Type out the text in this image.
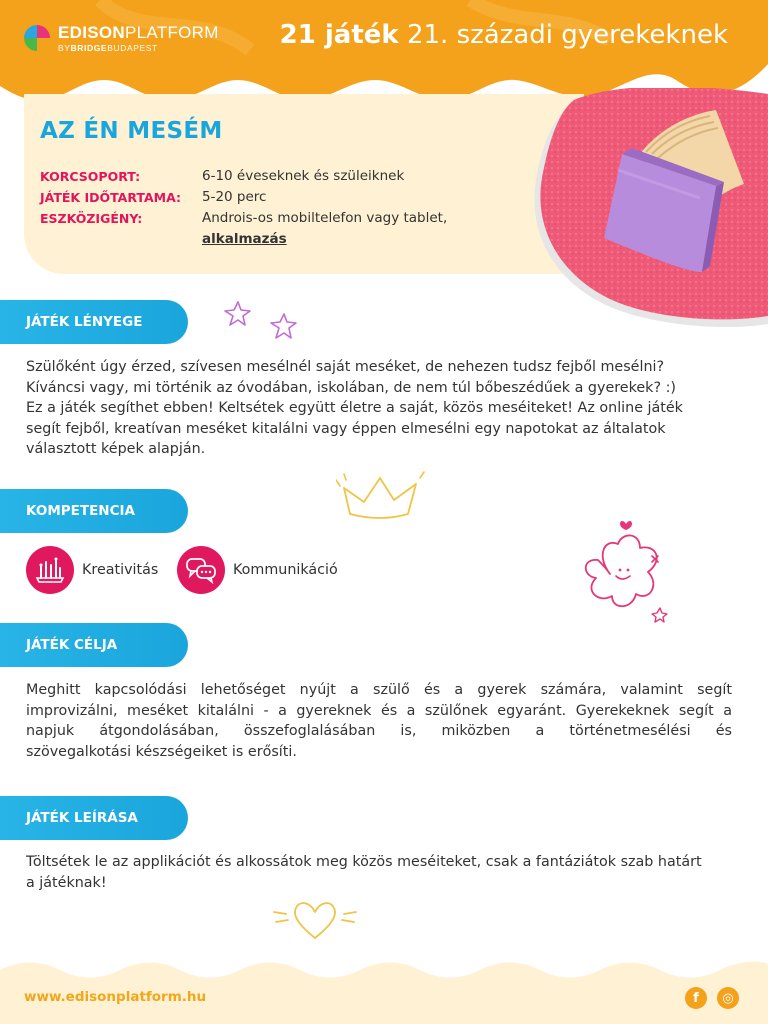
EDISONPLATFORM
BYBRIDGEBUDAPEST	21 játék 21. századi gyerekeknek
AZ ÉN MESÉM
KORCSOPORT:	6-10 éveseknek és szüleiknek
JÁTÉK IDŐTARTAMA: 5-20 perc
ESZKÖZIGÉNY:	Androis-os mobiltelefon vagy tablet,
alkalmazás
JÁTÉK LÉNYEGE
Szülőként úgy érzed, szívesen mesélnél saját meséket, de nehezen tudsz fejből mesélni?
Kíváncsi vagy, mi történik az óvodában, iskolában, de nem túl bőbeszédűek a gyerekek? :)
Ez a játék segíthet ebben! Keltsétek együtt életre a saját, közös meséiteket! Az online játék
segít fejből, kreatívan meséket kitalálni vagy éppen elmesélni egy napotokat az általatok
választott képek alapján.
KOMPETENCIA
Kreativitás	Kommunikáció
JÁTÉK CÉLJA
Meghitt kapcsolódási lehetőséget nyújt a szülő és a gyerek számára, valamint segít
improvizálni, meséket kitalálni - a gyereknek és a szülőnek egyaránt. Gyerekeknek segít a
napjuk átgondolásában, összefoglalásában is, miközben a történetmesélési és
szövegalkotási készségeiket is erősíti.
JÁTÉK LEÍRÁSA
Töltsétek le az applikációt és alkossátok meg közös meséiteket, csak a fantáziátok szab határt
a játéknak!
www.edisonplatform.hu	f	◎
